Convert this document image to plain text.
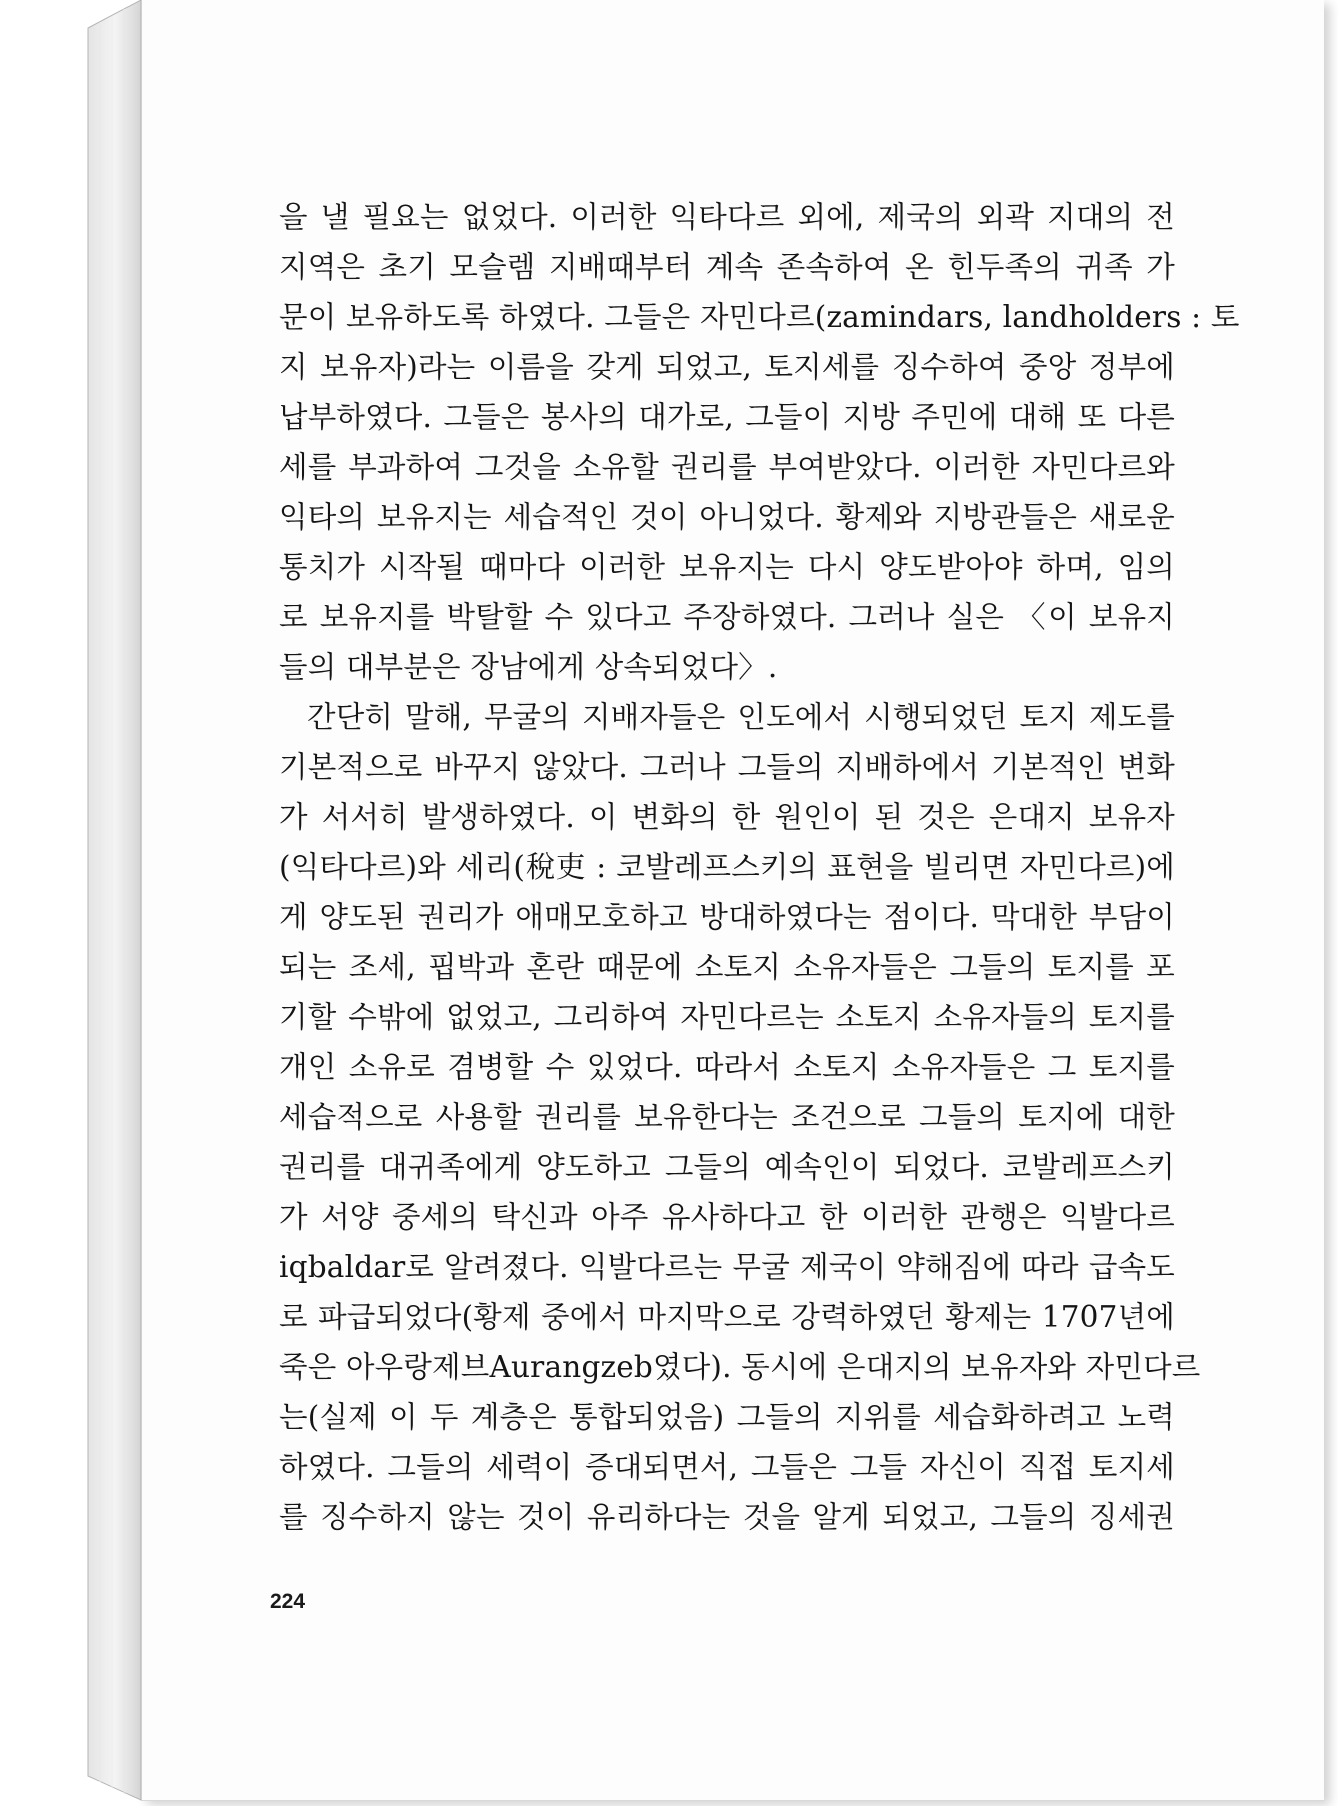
을 낼 필요는 없었다. 이러한 익타다르 외에, 제국의 외곽 지대의 전
지역은 초기 모슬렘 지배때부터 계속 존속하여 온 힌두족의 귀족 가
문이 보유하도록 하였다. 그들은 자민다르(zamindars, landholders : 토
지 보유자)라는 이름을 갖게 되었고, 토지세를 징수하여 중앙 정부에
납부하였다. 그들은 봉사의 대가로, 그들이 지방 주민에 대해 또 다른
세를 부과하여 그것을 소유할 권리를 부여받았다. 이러한 자민다르와
익타의 보유지는 세습적인 것이 아니었다. 황제와 지방관들은 새로운
통치가 시작될 때마다 이러한 보유지는 다시 양도받아야 하며, 임의
로 보유지를 박탈할 수 있다고 주장하였다. 그러나 실은 〈이 보유지
들의 대부분은 장남에게 상속되었다〉.
간단히 말해, 무굴의 지배자들은 인도에서 시행되었던 토지 제도를
기본적으로 바꾸지 않았다. 그러나 그들의 지배하에서 기본적인 변화
가 서서히 발생하였다. 이 변화의 한 원인이 된 것은 은대지 보유자
(익타다르)와 세리(稅吏 : 코발레프스키의 표현을 빌리면 자민다르)에
게 양도된 권리가 애매모호하고 방대하였다는 점이다. 막대한 부담이
되는 조세, 핍박과 혼란 때문에 소토지 소유자들은 그들의 토지를 포
기할 수밖에 없었고, 그리하여 자민다르는 소토지 소유자들의 토지를
개인 소유로 겸병할 수 있었다. 따라서 소토지 소유자들은 그 토지를
세습적으로 사용할 권리를 보유한다는 조건으로 그들의 토지에 대한
권리를 대귀족에게 양도하고 그들의 예속인이 되었다. 코발레프스키
가 서양 중세의 탁신과 아주 유사하다고 한 이러한 관행은 익발다르
iqbaldar로 알려졌다. 익발다르는 무굴 제국이 약해짐에 따라 급속도
로 파급되었다(황제 중에서 마지막으로 강력하였던 황제는 1707년에
죽은 아우랑제브Aurangzeb였다). 동시에 은대지의 보유자와 자민다르
는(실제 이 두 계층은 통합되었음) 그들의 지위를 세습화하려고 노력
하였다. 그들의 세력이 증대되면서, 그들은 그들 자신이 직접 토지세
를 징수하지 않는 것이 유리하다는 것을 알게 되었고, 그들의 징세권
224
